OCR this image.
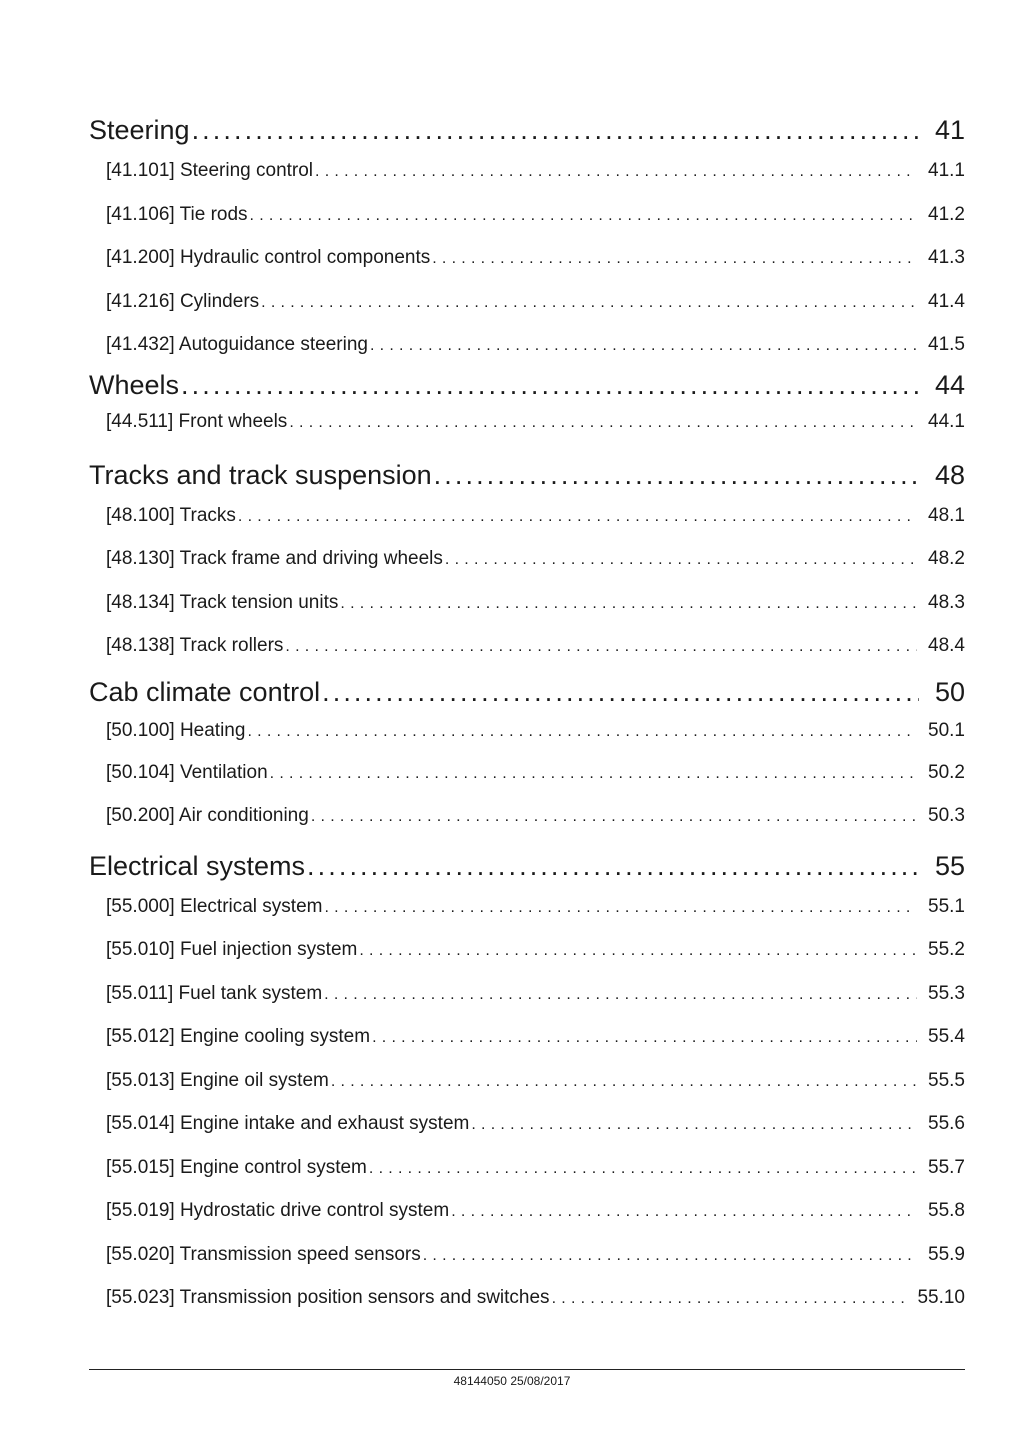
Steering . . .	41
[41.101] Steering control . . .	41.1
[41.106] Tie rods . . .	41.2
[41.200] Hydraulic control components . . .	41.3
[41.216] Cylinders . . .	41.4
[41.432] Autoguidance steering . . .	41.5
Wheels . . .	44
[44.511] Front wheels . . .	44.1
Tracks and track suspension . . .	48
[48.100] Tracks . . .	48.1
[48.130] Track frame and driving wheels . . .	48.2
[48.134] Track tension units . . .	48.3
[48.138] Track rollers . . .	48.4
Cab climate control . . .	50
[50.100] Heating . . .	50.1
[50.104] Ventilation . . .	50.2
[50.200] Air conditioning . . .	50.3
Electrical systems . . .	55
[55.000] Electrical system . . .	55.1
[55.010] Fuel injection system . . .	55.2
[55.011] Fuel tank system . . .	55.3
[55.012] Engine cooling system . . .	55.4
[55.013] Engine oil system . . .	55.5
[55.014] Engine intake and exhaust system . . .	55.6
[55.015] Engine control system . . .	55.7
[55.019] Hydrostatic drive control system . . .	55.8
[55.020] Transmission speed sensors . . .	55.9
[55.023] Transmission position sensors and switches . . .	55.10
48144050 25/08/2017
